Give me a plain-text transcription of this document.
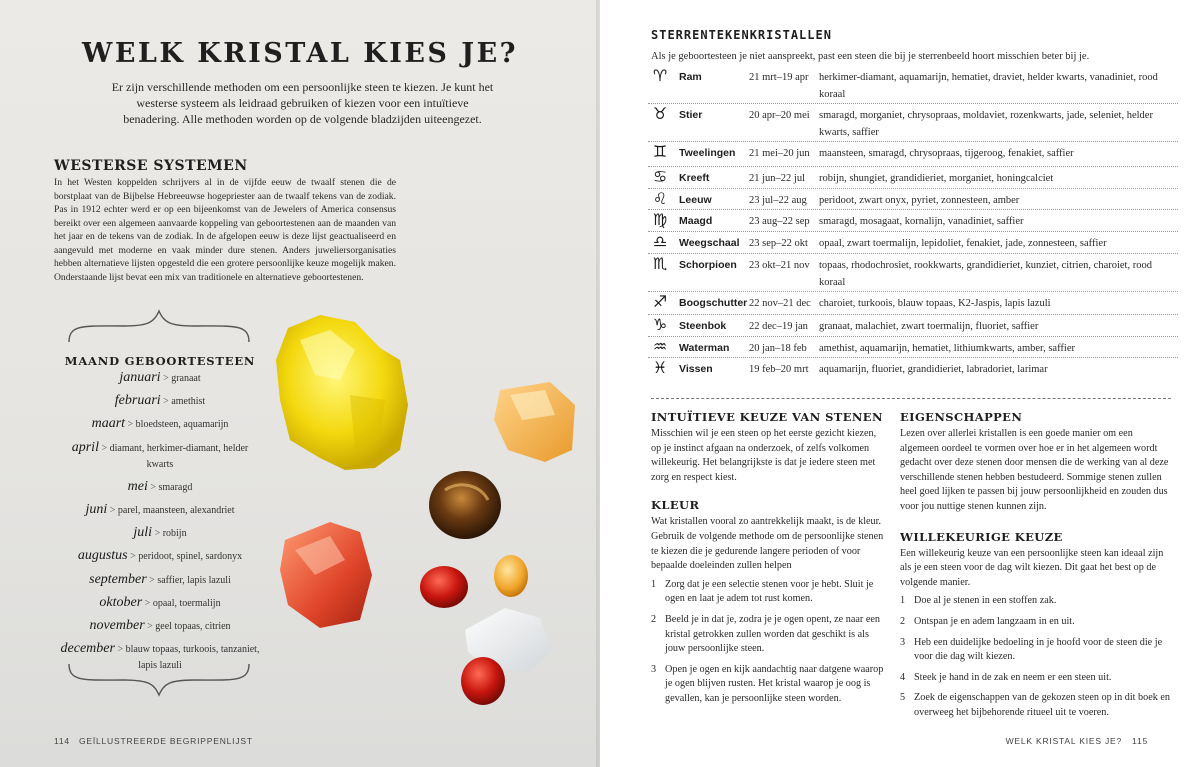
WELK KRISTAL KIES JE?
Er zijn verschillende methoden om een persoonlijke steen te kiezen. Je kunt het westerse systeem als leidraad gebruiken of kiezen voor een intuïtieve benadering. Alle methoden worden op de volgende bladzijden uiteengezet.
WESTERSE SYSTEMEN
In het Westen koppelden schrijvers al in de vijfde eeuw de twaalf stenen die de borstplaat van de Bijbelse Hebreeuwse hogepriester aan de twaalf tekens van de zodiak. Pas in 1912 echter werd er op een bijeenkomst van de Jewelers of America consensus bereikt over een algemeen aanvaarde koppeling van geboortestenen aan de maanden van het jaar en de tekens van de zodiak. In de afgelopen eeuw is deze lijst geactualiseerd en aangevuld met moderne en vaak minder dure stenen. Anders juweliersorganisaties hebben alternatieve lijsten opgesteld die een grotere persoonlijke keuze mogelijk maken. Onderstaande lijst bevat een mix van traditionele en alternatieve geboortestenen.
MAAND GEBOORTESTEEN
januari > granaat
februari > amethist
maart > bloedsteen, aquamarijn
april > diamant, herkimer-diamant, helder kwarts
mei > smaragd
juni > parel, maansteen, alexandriet
juli > robijn
augustus > peridoot, spinel, sardonyx
september > saffier, lapis lazuli
oktober > opaal, toermalijn
november > geel topaas, citrien
december > blauw topaas, turkoois, tanzaniet, lapis lazuli
114 GEÏLLUSTREERDE BEGRIPPENLIJST
STERRENTEKENKRISTALLEN
Als je geboortesteen je niet aanspreekt, past een steen die bij je sterrenbeeld hoort misschien beter bij je.
♈	Ram	21 mrt–19 apr	herkimer-diamant, aquamarijn, hematiet, draviet, helder kwarts, vanadiniet, rood koraal
♉	Stier	20 apr–20 mei smaragd, morganiet, chrysopraas, moldaviet, rozenkwarts, jade, seleniet, helder kwarts, saffier
♊	Tweelingen	21 mei–20 jun maansteen, smaragd, chrysopraas, tijgeroog, fenakiet, saffier
♋	Kreeft	21 jun–22 jul	robijn, shungiet, grandidieriet, morganiet, honingcalciet
♌	Leeuw	23 jul–22 aug	peridoot, zwart onyx, pyriet, zonnesteen, amber
♍	Maagd	23 aug–22 sep smaragd, mosagaat, kornalijn, vanadiniet, saffier
♎	Weegschaal 23 sep–22 okt	opaal, zwart toermalijn, lepidoliet, fenakiet, jade, zonnesteen, saffier
♏	Schorpioen	23 okt–21 nov topaas, rhodochrosiet, rookkwarts, grandidieriet, kunziet, citrien, charoiet, rood koraal
♐	Boogschutter 22 nov–21 dec charoiet, turkoois, blauw topaas, K2-Jaspis, lapis lazuli
♑	Steenbok	22 dec–19 jan	granaat, malachiet, zwart toermalijn, fluoriet, saffier
♒	Waterman	20 jan–18 feb	amethist, aquamarijn, hematiet, lithiumkwarts, amber, saffier
♓	Vissen	19 feb–20 mrt	aquamarijn, fluoriet, grandidieriet, labradoriet, larimar
INTUÏTIEVE KEUZE VAN STENEN

Misschien wil je een steen op het eerste gezicht kiezen, op je instinct afgaan na onderzoek, of zelfs volkomen willekeurig. Het belangrijkste is dat je iedere steen met zorg en respect kiest.

KLEUR

Wat kristallen vooral zo aantrekkelijk maakt, is de kleur. Gebruik de volgende methode om de persoonlijke stenen te kiezen die je gedurende langere perioden of voor bepaalde doeleinden zullen helpen

1 Zorg dat je een selectie stenen voor je hebt. Sluit je ogen en laat je adem tot rust komen.
2 Beeld je in dat je, zodra je je ogen opent, ze naar een kristal getrokken zullen worden dat geschikt is als jouw persoonlijke steen.
3 Open je ogen en kijk aandachtig naar datgene waarop je ogen blijven rusten. Het kristal waarop je oog is gevallen, kan je persoonlijke steen worden.
EIGENSCHAPPEN

Lezen over allerlei kristallen is een goede manier om een algemeen oordeel te vormen over hoe er in het algemeen wordt gedacht over deze stenen door mensen die de werking van al deze verschillende stenen hebben bestudeerd. Sommige stenen zullen heel goed lijken te passen bij jouw persoonlijkheid en zouden dus voor jou nuttige stenen kunnen zijn.

WILLEKEURIGE KEUZE

Een willekeurig keuze van een persoonlijke steen kan ideaal zijn als je een steen voor de dag wilt kiezen. Dit gaat het best op de volgende manier.

1 Doe al je stenen in een stoffen zak.
2 Ontspan je en adem langzaam in en uit.
3 Heb een duidelijke bedoeling in je hoofd voor de steen die je voor die dag wilt kiezen.
4 Steek je hand in de zak en neem er een steen uit.
5 Zoek de eigenschappen van de gekozen steen op in dit boek en overweeg het bijbehorende ritueel uit te voeren.
WELK KRISTAL KIES JE? 115
